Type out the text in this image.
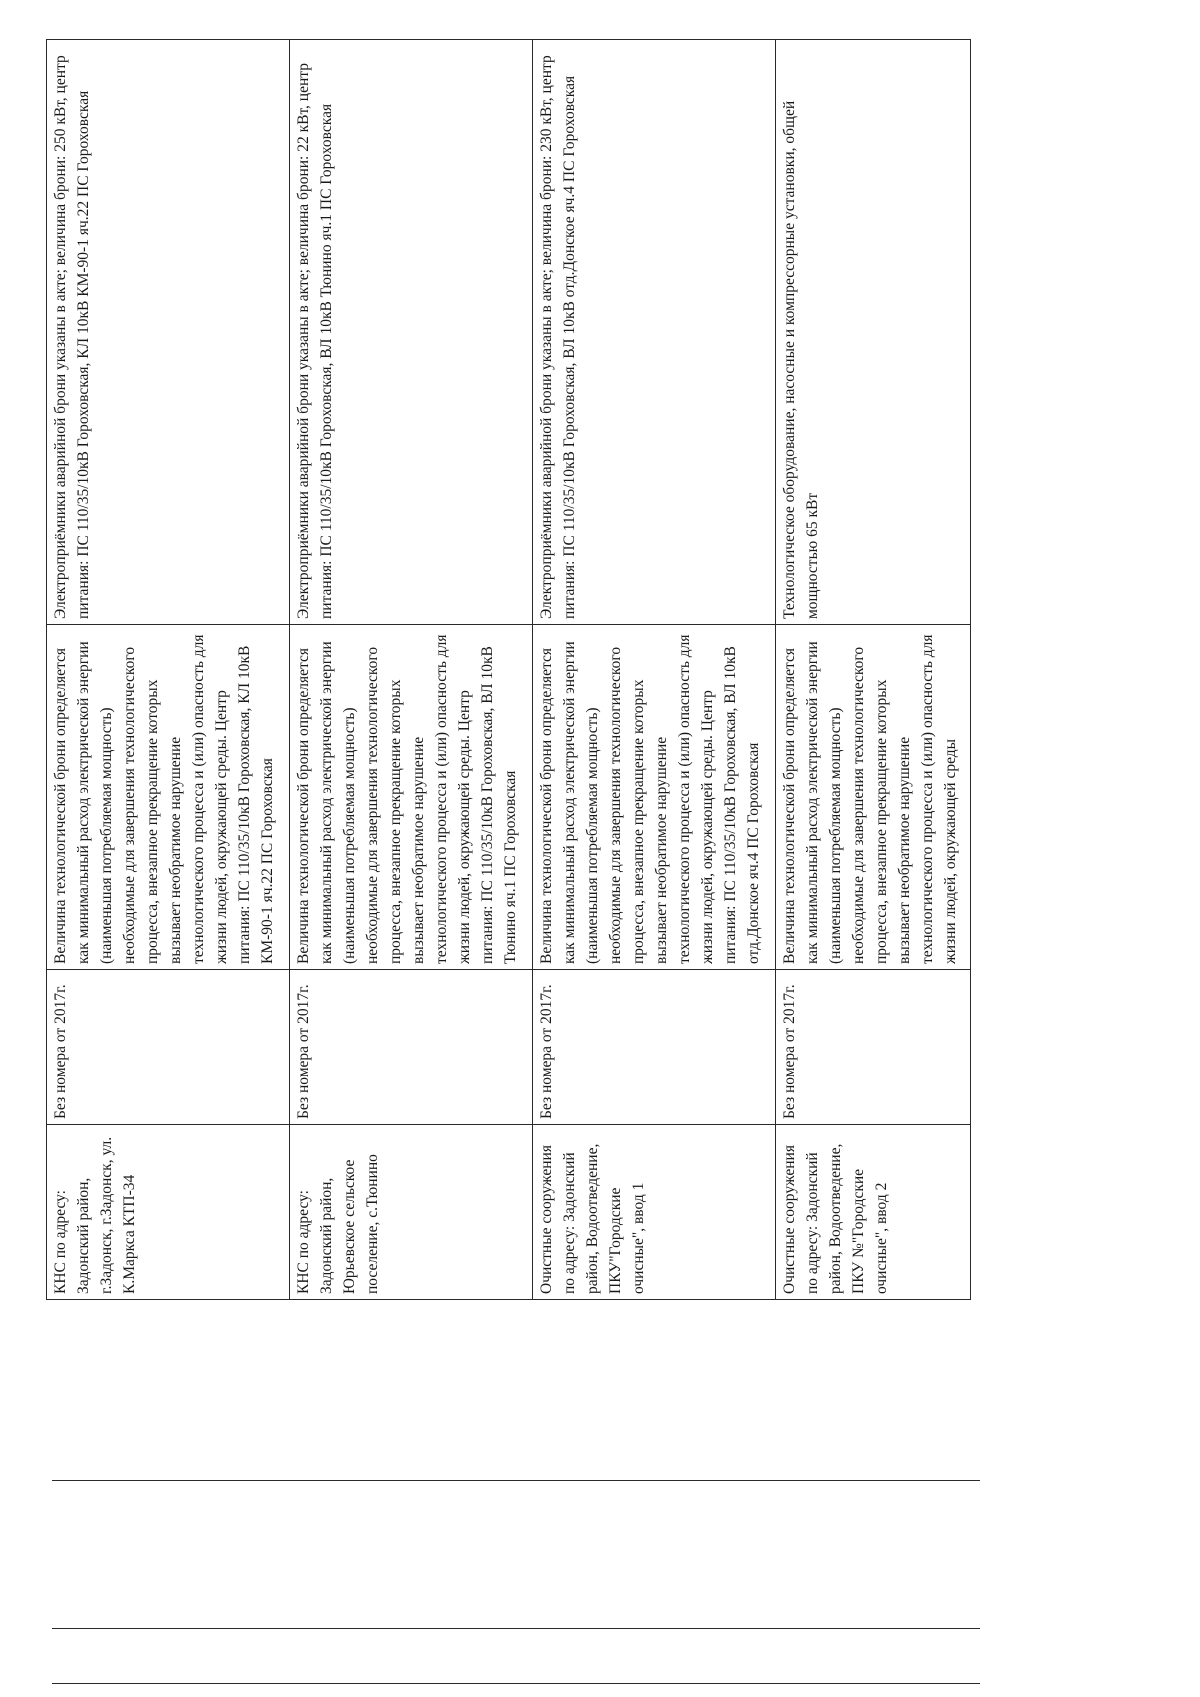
КНС по адресу: Задонский район, г.Задонск, г.Задонск, ул. К.Маркса КТП-34	Без номера от 2017г.	Величина технологической брони определяется как минимальный расход электрической энергии (наименьшая потребляемая мощность) необходимые для завершения технологического процесса, внезапное прекращение которых вызывает необратимое нарушение технологического процесса и (или) опасность для жизни людей, окружающей среды. Центр питания: ПС 110/35/10кВ Гороховская, КЛ 10кВ КМ-90-1 яч.22 ПС Гороховская	Электроприёмники аварийной брони указаны в акте; величина брони: 250 кВт, центр питания: ПС 110/35/10кВ Гороховская, КЛ 10кВ КМ-90-1 яч.22 ПС Гороховская
КНС по адресу: Задонский район, Юрьевское сельское поселение, с.Тюнино	Без номера от 2017г.	Величина технологической брони определяется как минимальный расход электрической энергии (наименьшая потребляемая мощность) необходимые для завершения технологического процесса, внезапное прекращение которых вызывает необратимое нарушение технологического процесса и (или) опасность для жизни людей, окружающей среды. Центр питания: ПС 110/35/10кВ Гороховская, ВЛ 10кВ Тюнино яч.1 ПС Гороховская	Электроприёмники аварийной брони указаны в акте; величина брони: 22 кВт, центр питания: ПС 110/35/10кВ Гороховская, ВЛ 10кВ Тюнино яч.1 ПС Гороховская
Очистные сооружения по адресу: Задонский район, Водоотведение, ПКУ"Городские очисные", ввод 1	Без номера от 2017г.	Величина технологической брони определяется как минимальный расход электрической энергии (наименьшая потребляемая мощность) необходимые для завершения технологического процесса, внезапное прекращение которых вызывает необратимое нарушение технологического процесса и (или) опасность для жизни людей, окружающей среды. Центр питания: ПС 110/35/10кВ Гороховская, ВЛ 10кВ отд.Донское яч.4 ПС Гороховская	Электроприёмники аварийной брони указаны в акте; величина брони: 230 кВт, центр питания: ПС 110/35/10кВ Гороховская, ВЛ 10кВ отд.Донское яч.4 ПС Гороховская
Очистные сооружения по адресу: Задонский район, Водоотведение, ПКУ №"Городские очисные", ввод 2	Без номера от 2017г.	Величина технологической брони определяется как минимальный расход электрической энергии (наименьшая потребляемая мощность) необходимые для завершения технологического процесса, внезапное прекращение которых вызывает необратимое нарушение технологического процесса и (или) опасность для жизни людей, окружающей среды	Технологическое оборудование, насосные и компрессорные установки, общей мощностью 65 кВт
